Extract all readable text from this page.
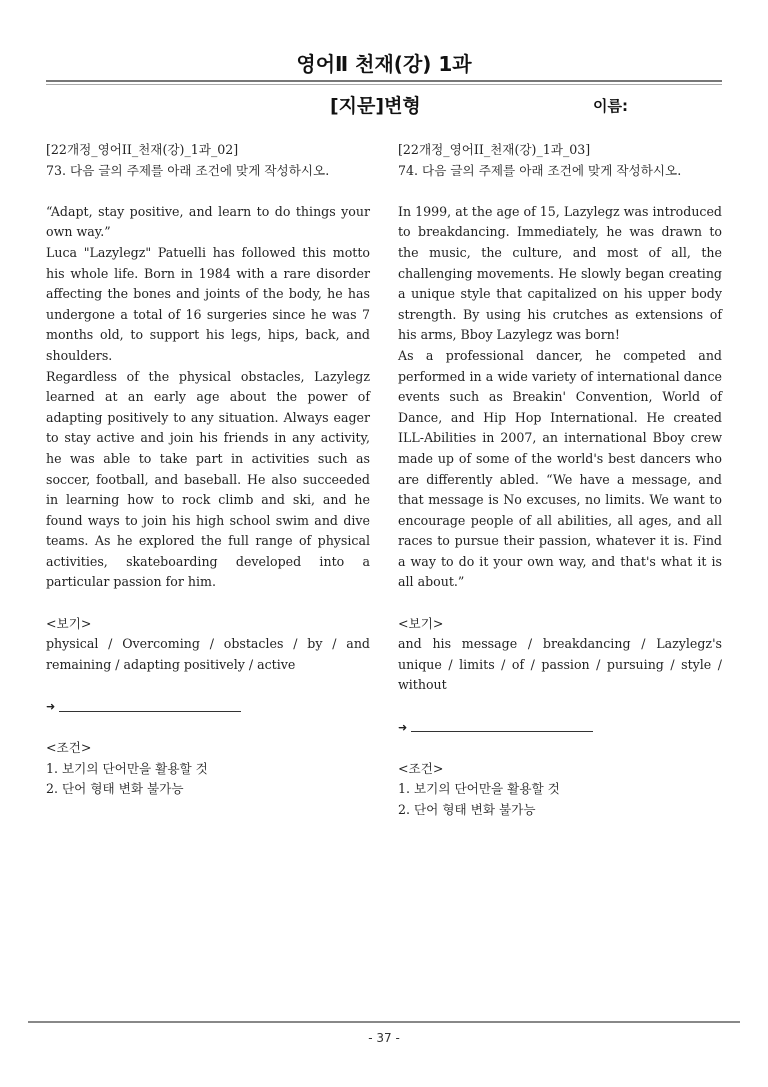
영어Ⅱ 천재(강) 1과
[지문]변형	이름:

[22개정_영어II_천재(강)_1과_02]

73. 다음 글의 주제를 아래 조건에 맞게 작성하시오.

“Adapt, stay positive, and learn to do things your own way.”

Luca "Lazylegz" Patuelli has followed this motto his whole life. Born in 1984 with a rare disorder affecting the bones and joints of the body, he has undergone a total of 16 surgeries since he was 7 months old, to support his legs, hips, back, and shoulders.

Regardless of the physical obstacles, Lazylegz learned at an early age about the power of adapting positively to any situation. Always eager to stay active and join his friends in any activity, he was able to take part in activities such as soccer, football, and baseball. He also succeeded in learning how to rock climb and ski, and he found ways to join his high school swim and dive teams. As he explored the full range of physical activities, skateboarding developed into a particular passion for him.

<보기>

physical / Overcoming / obstacles / by / and remaining / adapting positively / active

➜

<조건>

1. 보기의 단어만을 활용할 것

2. 단어 형태 변화 불가능

[22개정_영어II_천재(강)_1과_03]

74. 다음 글의 주제를 아래 조건에 맞게 작성하시오.

In 1999, at the age of 15, Lazylegz was introduced to breakdancing. Immediately, he was drawn to the music, the culture, and most of all, the challenging movements. He slowly began creating a unique style that capitalized on his upper body strength. By using his crutches as extensions of his arms, Bboy Lazylegz was born!

As a professional dancer, he competed and performed in a wide variety of international dance events such as Breakin' Convention, World of Dance, and Hip Hop International. He created ILL-Abilities in 2007, an international Bboy crew made up of some of the world's best dancers who are differently abled. “We have a message, and that message is No excuses, no limits. We want to encourage people of all abilities, all ages, and all races to pursue their passion, whatever it is. Find a way to do it your own way, and that's what it is all about.”

<보기>

and his message / breakdancing / Lazylegz's unique / limits / of / passion / pursuing / style / without

➜

<조건>

1. 보기의 단어만을 활용할 것

2. 단어 형태 변화 불가능

- 37 -
